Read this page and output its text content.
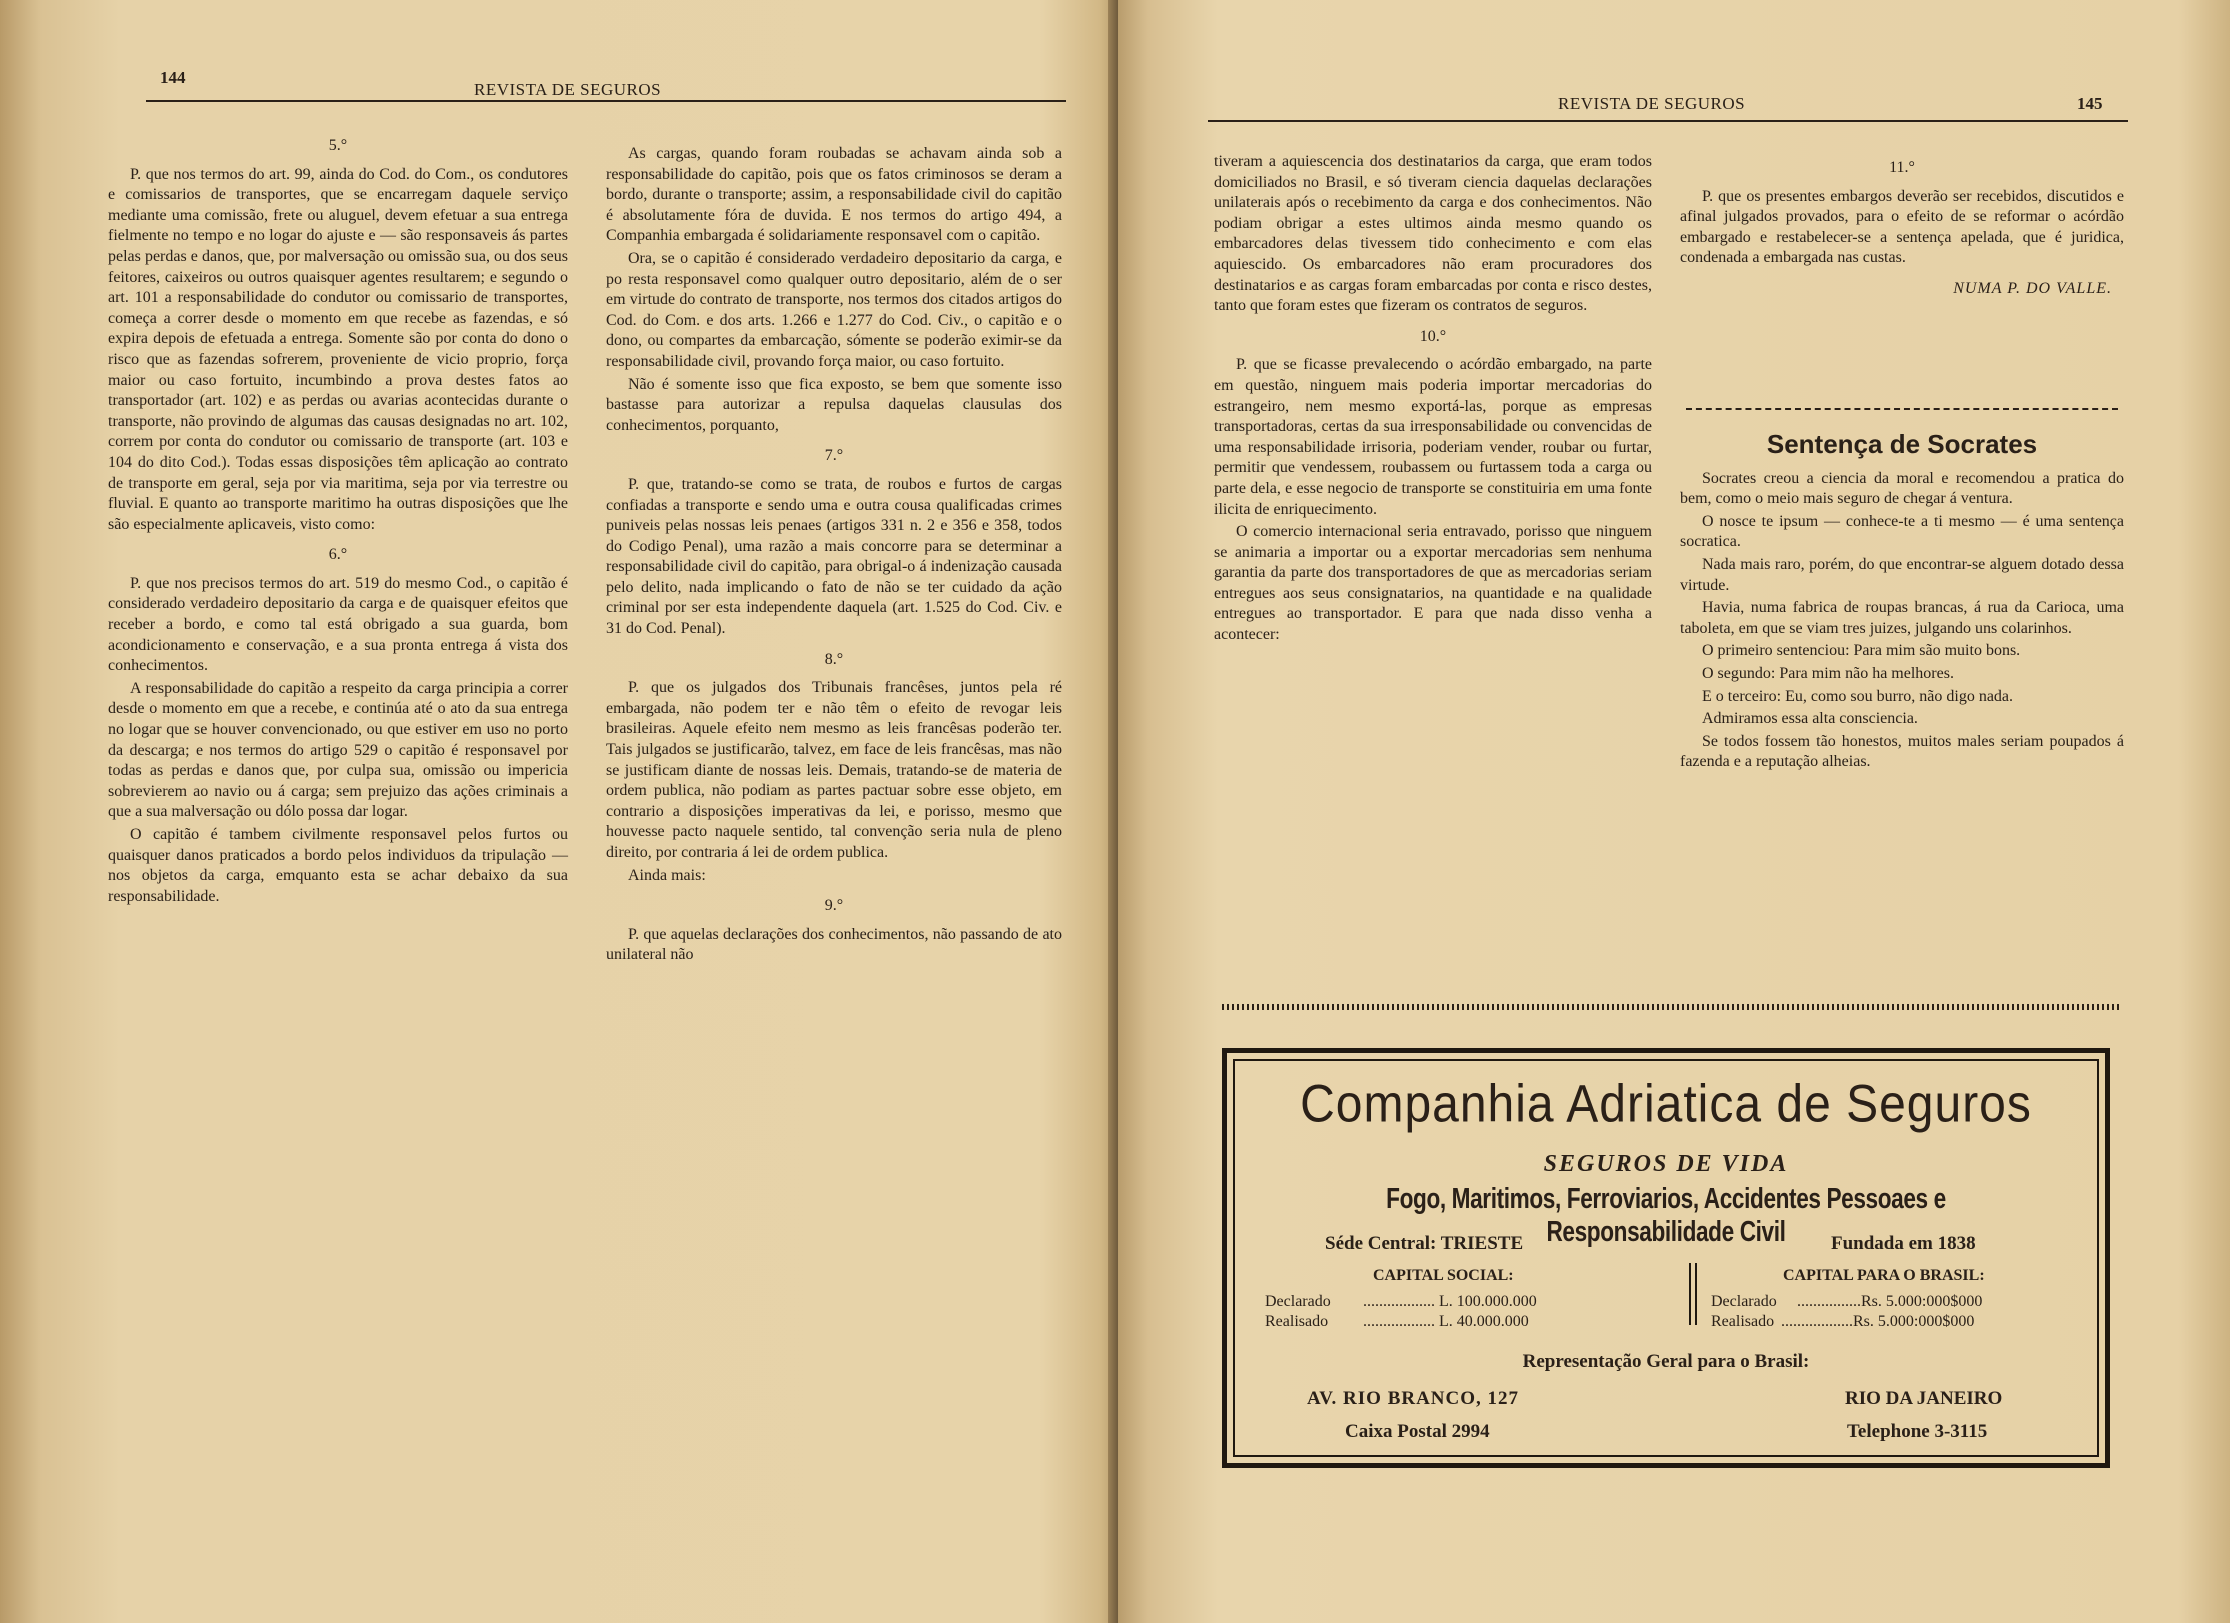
144
REVISTA DE SEGUROS

5.°

P. que nos termos do art. 99, ainda do Cod. do Com., os condutores e comissarios de transportes, que se encarregam daquele serviço mediante uma comissão, frete ou aluguel, devem efetuar a sua entrega fielmente no tempo e no logar do ajuste e — são responsaveis ás partes pelas perdas e danos, que, por malversação ou omissão sua, ou dos seus feitores, caixeiros ou outros quaisquer agentes resultarem; e segundo o art. 101 a responsabilidade do condutor ou comissario de transportes, começa a correr desde o momento em que recebe as fazendas, e só expira depois de efetuada a entrega. Somente são por conta do dono o risco que as fazendas sofrerem, proveniente de vicio proprio, força maior ou caso fortuito, incumbindo a prova destes fatos ao transportador (art. 102) e as perdas ou avarias acontecidas durante o transporte, não provindo de algumas das causas designadas no art. 102, correm por conta do condutor ou comissario de transporte (art. 103 e 104 do dito Cod.). Todas essas disposições têm aplicação ao contrato de transporte em geral, seja por via maritima, seja por via terrestre ou fluvial. E quanto ao transporte maritimo ha outras disposições que lhe são especialmente aplicaveis, visto como:

6.°

P. que nos precisos termos do art. 519 do mesmo Cod., o capitão é considerado verdadeiro depositario da carga e de quaisquer efeitos que receber a bordo, e como tal está obrigado a sua guarda, bom acondicionamento e conservação, e a sua pronta entrega á vista dos conhecimentos.

A responsabilidade do capitão a respeito da carga principia a correr desde o momento em que a recebe, e continúa até o ato da sua entrega no logar que se houver convencionado, ou que estiver em uso no porto da descarga; e nos termos do artigo 529 o capitão é responsavel por todas as perdas e danos que, por culpa sua, omissão ou impericia sobrevierem ao navio ou á carga; sem prejuizo das ações criminais a que a sua malversação ou dólo possa dar logar.

O capitão é tambem civilmente responsavel pelos furtos ou quaisquer danos praticados a bordo pelos individuos da tripulação — nos objetos da carga, emquanto esta se achar debaixo da sua responsabilidade.

As cargas, quando foram roubadas se achavam ainda sob a responsabilidade do capitão, pois que os fatos criminosos se deram a bordo, durante o transporte; assim, a responsabilidade civil do capitão é absolutamente fóra de duvida. E nos termos do artigo 494, a Companhia embargada é solidariamente responsavel com o capitão.

Ora, se o capitão é considerado verdadeiro depositario da carga, e po resta responsavel como qualquer outro depositario, além de o ser em virtude do contrato de transporte, nos termos dos citados artigos do Cod. do Com. e dos arts. 1.266 e 1.277 do Cod. Civ., o capitão e o dono, ou compartes da embarcação, sómente se poderão eximir-se da responsabilidade civil, provando força maior, ou caso fortuito.

Não é somente isso que fica exposto, se bem que somente isso bastasse para autorizar a repulsa daquelas clausulas dos conhecimentos, porquanto,

7.°

P. que, tratando-se como se trata, de roubos e furtos de cargas confiadas a transporte e sendo uma e outra cousa qualificadas crimes puniveis pelas nossas leis penaes (artigos 331 n. 2 e 356 e 358, todos do Codigo Penal), uma razão a mais concorre para se determinar a responsabilidade civil do capitão, para obrigal-o á indenização causada pelo delito, nada implicando o fato de não se ter cuidado da ação criminal por ser esta independente daquela (art. 1.525 do Cod. Civ. e 31 do Cod. Penal).

8.°

P. que os julgados dos Tribunais francêses, juntos pela ré embargada, não podem ter e não têm o efeito de revogar leis brasileiras. Aquele efeito nem mesmo as leis francêsas poderão ter. Tais julgados se justificarão, talvez, em face de leis francêsas, mas não se justificam diante de nossas leis. Demais, tratando-se de materia de ordem publica, não podiam as partes pactuar sobre esse objeto, em contrario a disposições imperativas da lei, e porisso, mesmo que houvesse pacto naquele sentido, tal convenção seria nula de pleno direito, por contraria á lei de ordem publica.

Ainda mais:

9.°

P. que aquelas declarações dos conhecimentos, não passando de ato unilateral não

REVISTA DE SEGUROS	145

tiveram a aquiescencia dos destinatarios da carga, que eram todos domiciliados no Brasil, e só tiveram ciencia daquelas declarações unilaterais após o recebimento da carga e dos conhecimentos. Não podiam obrigar a estes ultimos ainda mesmo quando os embarcadores delas tivessem tido conhecimento e com elas aquiescido. Os embarcadores não eram procuradores dos destinatarios e as cargas foram embarcadas por conta e risco destes, tanto que foram estes que fizeram os contratos de seguros.

10.°

P. que se ficasse prevalecendo o acórdão embargado, na parte em questão, ninguem mais poderia importar mercadorias do estrangeiro, nem mesmo exportá-las, porque as empresas transportadoras, certas da sua irresponsabilidade ou convencidas de uma responsabilidade irrisoria, poderiam vender, roubar ou furtar, permitir que vendessem, roubassem ou furtassem toda a carga ou parte dela, e esse negocio de transporte se constituiria em uma fonte ilicita de enriquecimento.

O comercio internacional seria entravado, porisso que ninguem se animaria a importar ou a exportar mercadorias sem nenhuma garantia da parte dos transportadores de que as mercadorias seriam entregues aos seus consignatarios, na quantidade e na qualidade entregues ao transportador. E para que nada disso venha a acontecer:

11.°

P. que os presentes embargos deverão ser recebidos, discutidos e afinal julgados provados, para o efeito de se reformar o acórdão embargado e restabelecer-se a sentença apelada, que é juridica, condenada a embargada nas custas.

NUMA P. DO VALLE.

Sentença de Socrates

Socrates creou a ciencia da moral e recomendou a pratica do bem, como o meio mais seguro de chegar á ventura.

O nosce te ipsum — conhece-te a ti mesmo — é uma sentença socratica.

Nada mais raro, porém, do que encontrar-se alguem dotado dessa virtude.

Havia, numa fabrica de roupas brancas, á rua da Carioca, uma taboleta, em que se viam tres juizes, julgando uns colarinhos.

O primeiro sentenciou: Para mim são muito bons.

O segundo: Para mim não ha melhores.

E o terceiro: Eu, como sou burro, não digo nada.

Admiramos essa alta consciencia.

Se todos fossem tão honestos, muitos males seriam poupados á fazenda e a reputação alheias.

Companhia Adriatica de Seguros
SEGUROS DE VIDA
Fogo, Maritimos, Ferroviarios, Accidentes Pessoaes e Responsabilidade Civil
Séde Central: TRIESTE	Fundada em 1838
CAPITAL SOCIAL:	CAPITAL PARA O BRASIL:
Declarado .................. L. 100.000.000
Realisado .................. L. 40.000.000
Declarado ................Rs. 5.000:000$000
Realisado ..................Rs. 5.000:000$000
Representação Geral para o Brasil:
AV. RIO BRANCO, 127	RIO DA JANEIRO
Caixa Postal 2994	Telephone 3-3115
